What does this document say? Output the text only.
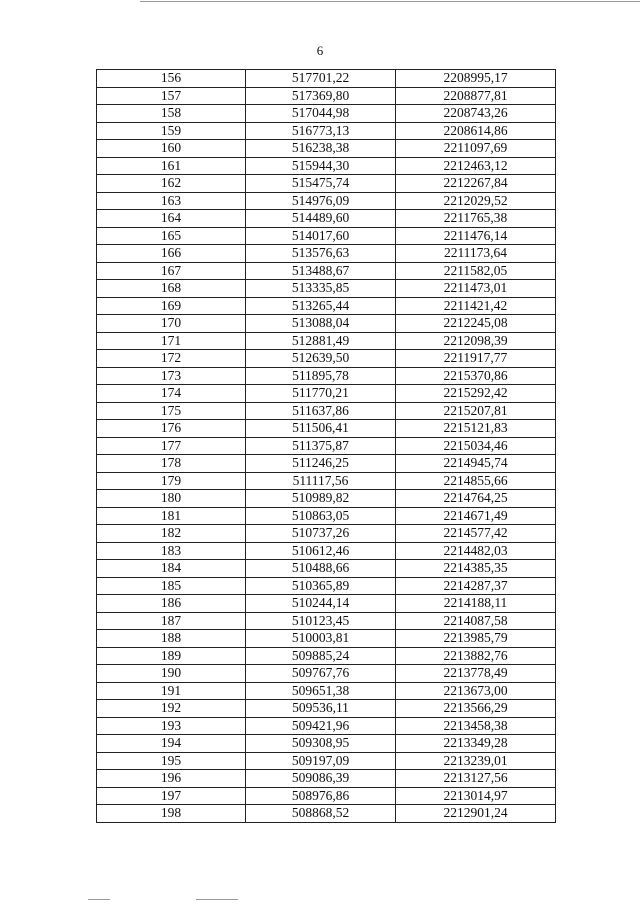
6
156	517701,22	2208995,17
157	517369,80	2208877,81
158	517044,98	2208743,26
159	516773,13	2208614,86
160	516238,38	2211097,69
161	515944,30	2212463,12
162	515475,74	2212267,84
163	514976,09	2212029,52
164	514489,60	2211765,38
165	514017,60	2211476,14
166	513576,63	2211173,64
167	513488,67	2211582,05
168	513335,85	2211473,01
169	513265,44	2211421,42
170	513088,04	2212245,08
171	512881,49	2212098,39
172	512639,50	2211917,77
173	511895,78	2215370,86
174	511770,21	2215292,42
175	511637,86	2215207,81
176	511506,41	2215121,83
177	511375,87	2215034,46
178	511246,25	2214945,74
179	511117,56	2214855,66
180	510989,82	2214764,25
181	510863,05	2214671,49
182	510737,26	2214577,42
183	510612,46	2214482,03
184	510488,66	2214385,35
185	510365,89	2214287,37
186	510244,14	2214188,11
187	510123,45	2214087,58
188	510003,81	2213985,79
189	509885,24	2213882,76
190	509767,76	2213778,49
191	509651,38	2213673,00
192	509536,11	2213566,29
193	509421,96	2213458,38
194	509308,95	2213349,28
195	509197,09	2213239,01
196	509086,39	2213127,56
197	508976,86	2213014,97
198	508868,52	2212901,24
